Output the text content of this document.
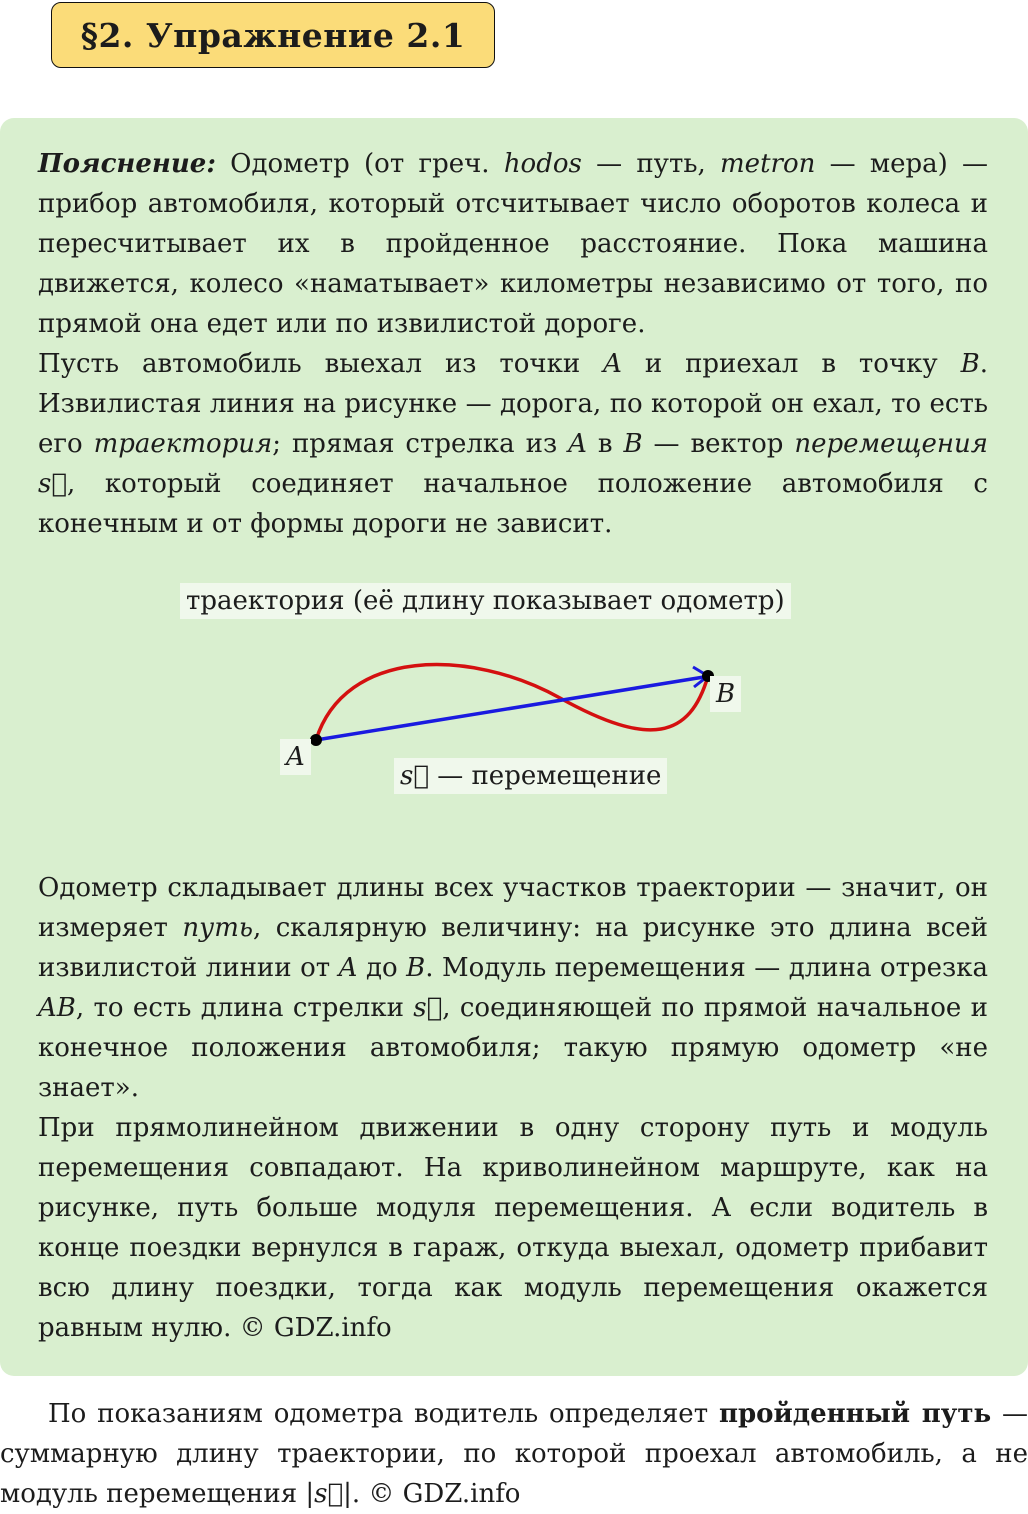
§2. Упражнение 2.1

Пояснение: Одометр (от греч. hodos — путь, metron — мера) — прибор автомобиля, который отсчитывает число оборотов колеса и пересчитывает их в пройденное расстояние. Пока машина движется, колесо «наматывает» километры независимо от того, по прямой она едет или по извилистой дороге.

Пусть автомобиль выехал из точки A и приехал в точку B. Извилистая линия на рисунке — дорога, по которой он ехал, то есть его траектория; прямая стрелка из A в B — вектор перемещения s⃗, который соединяет начальное положение автомобиля с конечным и от формы дороги не зависит.

траектория (её длину показывает одометр)
B
A
s⃗ — перемещение

Одометр складывает длины всех участков траектории — значит, он измеряет путь, скалярную величину: на рисунке это длина всей извилистой линии от A до B. Модуль перемещения — длина отрезка AB, то есть длина стрелки s⃗, соединяющей по прямой начальное и конечное положения автомобиля; такую прямую одометр «не знает».

При прямолинейном движении в одну сторону путь и модуль перемещения совпадают. На криволинейном маршруте, как на рисунке, путь больше модуля перемещения. А если водитель в конце поездки вернулся в гараж, откуда выехал, одометр прибавит всю длину поездки, тогда как модуль перемещения окажется равным нулю. © GDZ.info

По показаниям одометра водитель определяет пройденный путь — суммарную длину траектории, по которой проехал автомобиль, а не модуль перемещения |s⃗|. © GDZ.info
